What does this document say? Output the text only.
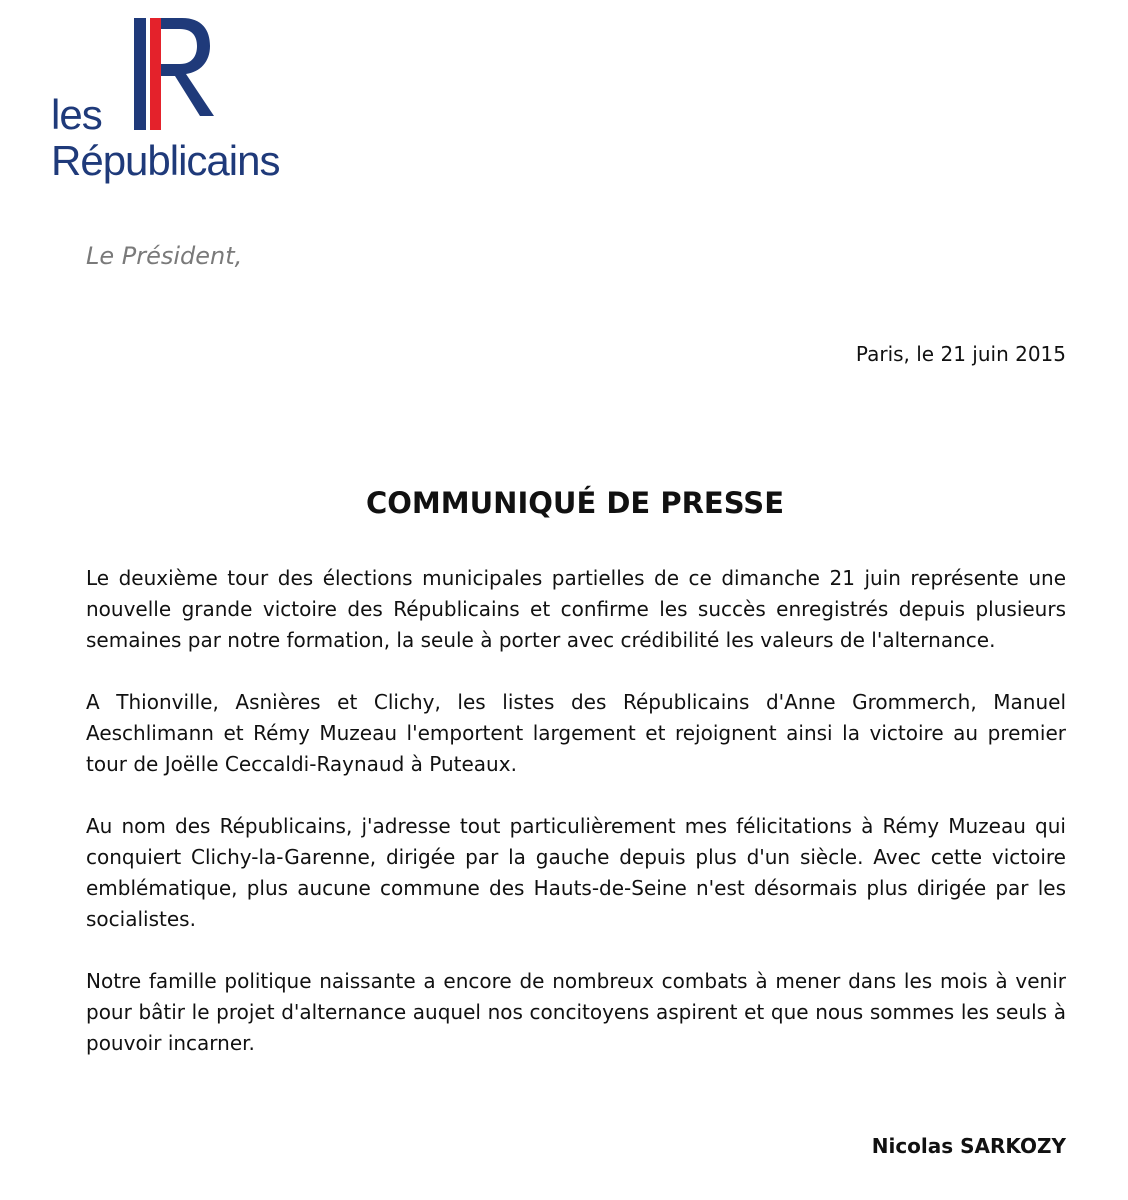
les
Républicains
Le Président,
Paris, le 21 juin 2015
COMMUNIQUÉ DE PRESSE

Le deuxième tour des élections municipales partielles de ce dimanche 21 juin représente une nouvelle grande victoire des Républicains et confirme les succès enregistrés depuis plusieurs semaines par notre formation, la seule à porter avec crédibilité les valeurs de l'alternance.

A Thionville, Asnières et Clichy, les listes des Républicains d'Anne Grommerch, Manuel Aeschlimann et Rémy Muzeau l'emportent largement et rejoignent ainsi la victoire au premier tour de Joëlle Ceccaldi-Raynaud à Puteaux.

Au nom des Républicains, j'adresse tout particulièrement mes félicitations à Rémy Muzeau qui conquiert Clichy-la-Garenne, dirigée par la gauche depuis plus d'un siècle. Avec cette victoire emblématique, plus aucune commune des Hauts-de-Seine n'est désormais plus dirigée par les socialistes.

Notre famille politique naissante a encore de nombreux combats à mener dans les mois à venir pour bâtir le projet d'alternance auquel nos concitoyens aspirent et que nous sommes les seuls à pouvoir incarner.

Nicolas SARKOZY
